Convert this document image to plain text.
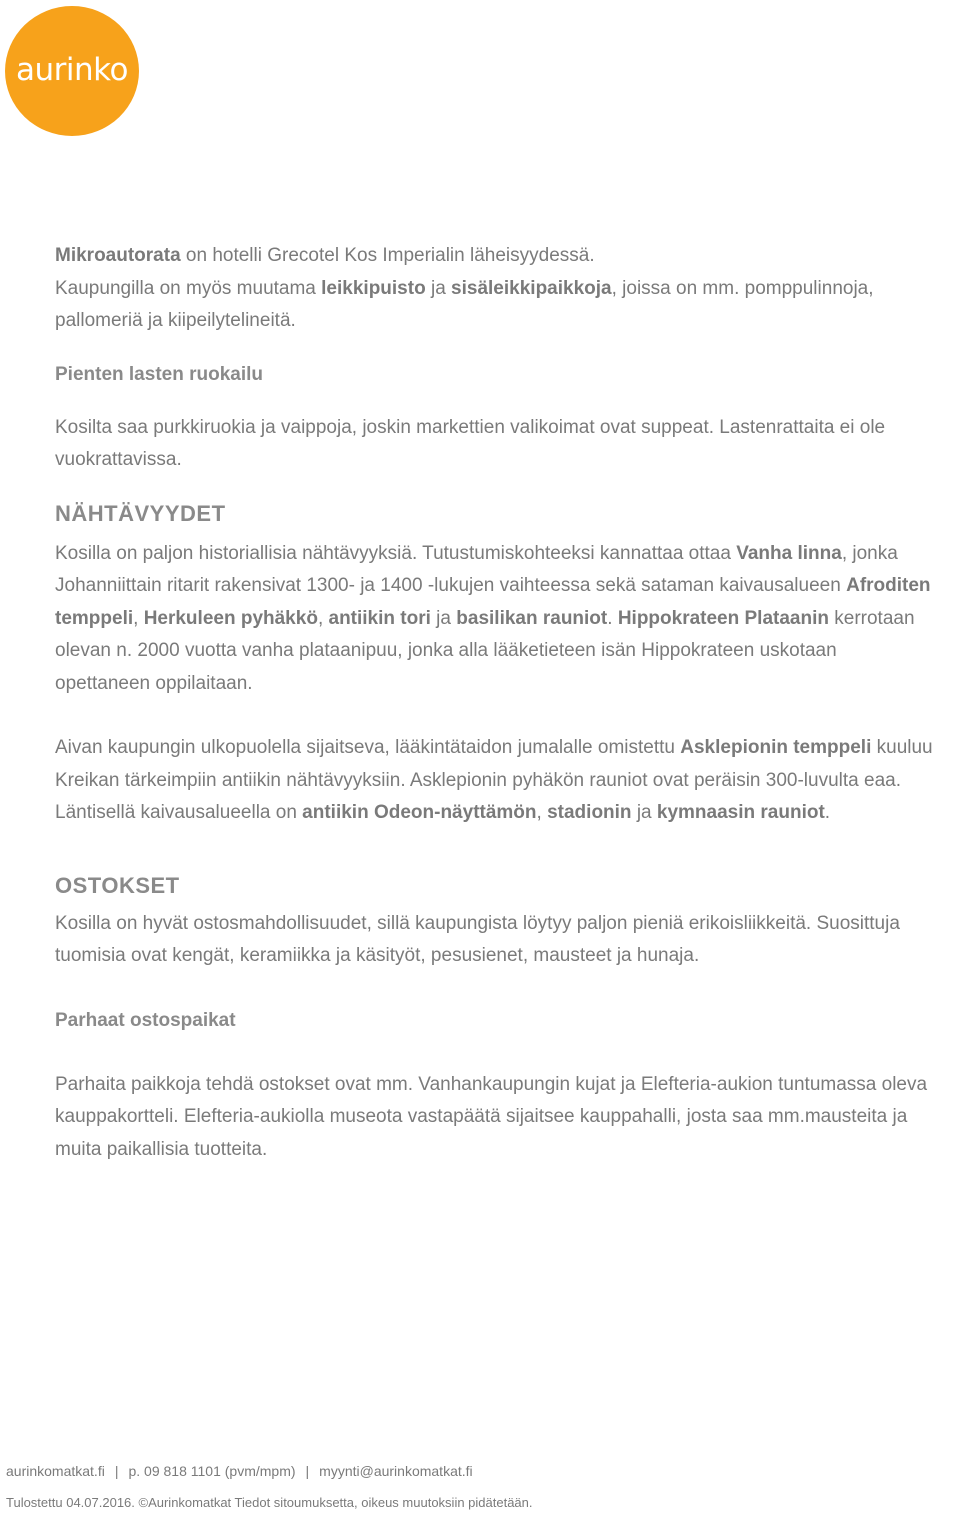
aurinko

Mikroautorata on hotelli Grecotel Kos Imperialin läheisyydessä.
Kaupungilla on myös muutama leikkipuisto ja sisäleikkipaikkoja, joissa on mm. pomppulinnoja, pallomeriä ja kiipeilytelineitä.

Pienten lasten ruokailu

Kosilta saa purkkiruokia ja vaippoja, joskin markettien valikoimat ovat suppeat. Lastenrattaita ei ole vuokrattavissa.

NÄHTÄVYYDET

Kosilla on paljon historiallisia nähtävyyksiä. Tutustumiskohteeksi kannattaa ottaa Vanha linna, jonka Johanniittain ritarit rakensivat 1300- ja 1400 -lukujen vaihteessa sekä sataman kaivausalueen Afroditen temppeli, Herkuleen pyhäkkö, antiikin tori ja basilikan rauniot. Hippokrateen Plataanin kerrotaan olevan n. 2000 vuotta vanha plataanipuu, jonka alla lääketieteen isän Hippokrateen uskotaan opettaneen oppilaitaan.

Aivan kaupungin ulkopuolella sijaitseva, lääkintätaidon jumalalle omistettu Asklepionin temppeli kuuluu Kreikan tärkeimpiin antiikin nähtävyyksiin. Asklepionin pyhäkön rauniot ovat peräisin 300-luvulta eaa. Läntisellä kaivausalueella on antiikin Odeon-näyttämön, stadionin ja kymnaasin rauniot.

OSTOKSET

Kosilla on hyvät ostosmahdollisuudet, sillä kaupungista löytyy paljon pieniä erikoisliikkeitä. Suosittuja tuomisia ovat kengät, keramiikka ja käsityöt, pesusienet, mausteet ja hunaja.

Parhaat ostospaikat

Parhaita paikkoja tehdä ostokset ovat mm. Vanhankaupungin kujat ja Elefteria-aukion tuntumassa oleva kauppakortteli. Elefteria-aukiolla museota vastapäätä sijaitsee kauppahalli, josta saa mm.mausteita ja muita paikallisia tuotteita.

aurinkomatkat.fi | p. 09 818 1101 (pvm/mpm) | myynti@aurinkomatkat.fi
Tulostettu 04.07.2016. ©Aurinkomatkat Tiedot sitoumuksetta, oikeus muutoksiin pidätetään.
